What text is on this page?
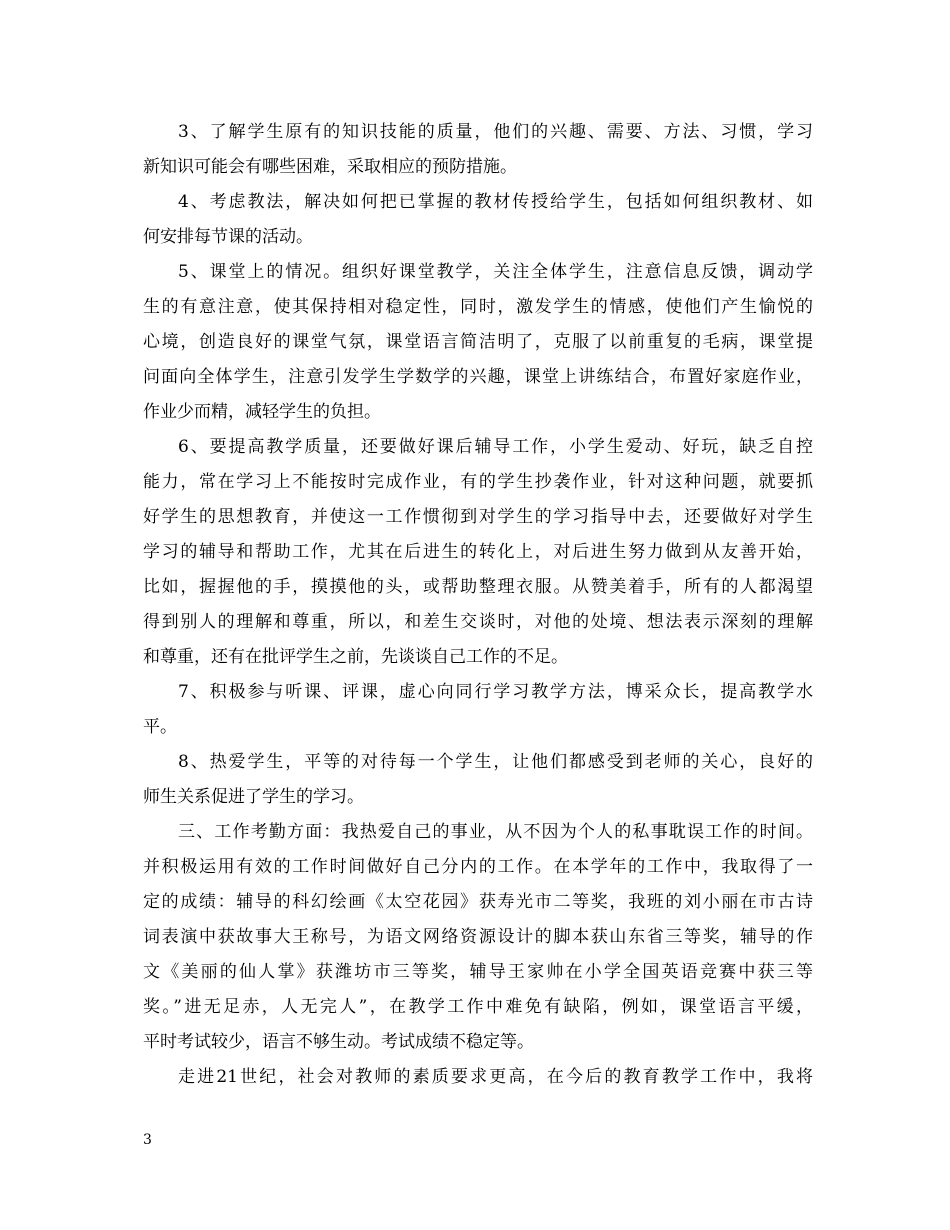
3、了解学生原有的知识技能的质量，他们的兴趣、需要、方法、习惯，学习
新知识可能会有哪些困难，采取相应的预防措施。
4、考虑教法，解决如何把已掌握的教材传授给学生，包括如何组织教材、如
何安排每节课的活动。
5、课堂上的情况。组织好课堂教学，关注全体学生，注意信息反馈，调动学
生的有意注意，使其保持相对稳定性，同时，激发学生的情感，使他们产生愉悦的
心境，创造良好的课堂气氛，课堂语言简洁明了，克服了以前重复的毛病，课堂提
问面向全体学生，注意引发学生学数学的兴趣，课堂上讲练结合，布置好家庭作业，
作业少而精，减轻学生的负担。
6、要提高教学质量，还要做好课后辅导工作，小学生爱动、好玩，缺乏自控
能力，常在学习上不能按时完成作业，有的学生抄袭作业，针对这种问题，就要抓
好学生的思想教育，并使这一工作惯彻到对学生的学习指导中去，还要做好对学生
学习的辅导和帮助工作，尤其在后进生的转化上，对后进生努力做到从友善开始，
比如，握握他的手，摸摸他的头，或帮助整理衣服。从赞美着手，所有的人都渴望
得到别人的理解和尊重，所以，和差生交谈时，对他的处境、想法表示深刻的理解
和尊重，还有在批评学生之前，先谈谈自己工作的不足。
7、积极参与听课、评课，虚心向同行学习教学方法，博采众长，提高教学水
平。
8、热爱学生，平等的对待每一个学生，让他们都感受到老师的关心，良好的
师生关系促进了学生的学习。
三、工作考勤方面：我热爱自己的事业，从不因为个人的私事耽误工作的时间。
并积极运用有效的工作时间做好自己分内的工作。在本学年的工作中，我取得了一
定的成绩：辅导的科幻绘画《太空花园》获寿光市二等奖，我班的刘小丽在市古诗
词表演中获故事大王称号，为语文网络资源设计的脚本获山东省三等奖，辅导的作
文《美丽的仙人掌》获潍坊市三等奖，辅导王家帅在小学全国英语竞赛中获三等
奖。”进无足赤，人无完人”，在教学工作中难免有缺陷，例如，课堂语言平缓，
平时考试较少，语言不够生动。考试成绩不稳定等。
走进21世纪，社会对教师的素质要求更高，在今后的教育教学工作中，我将
3
